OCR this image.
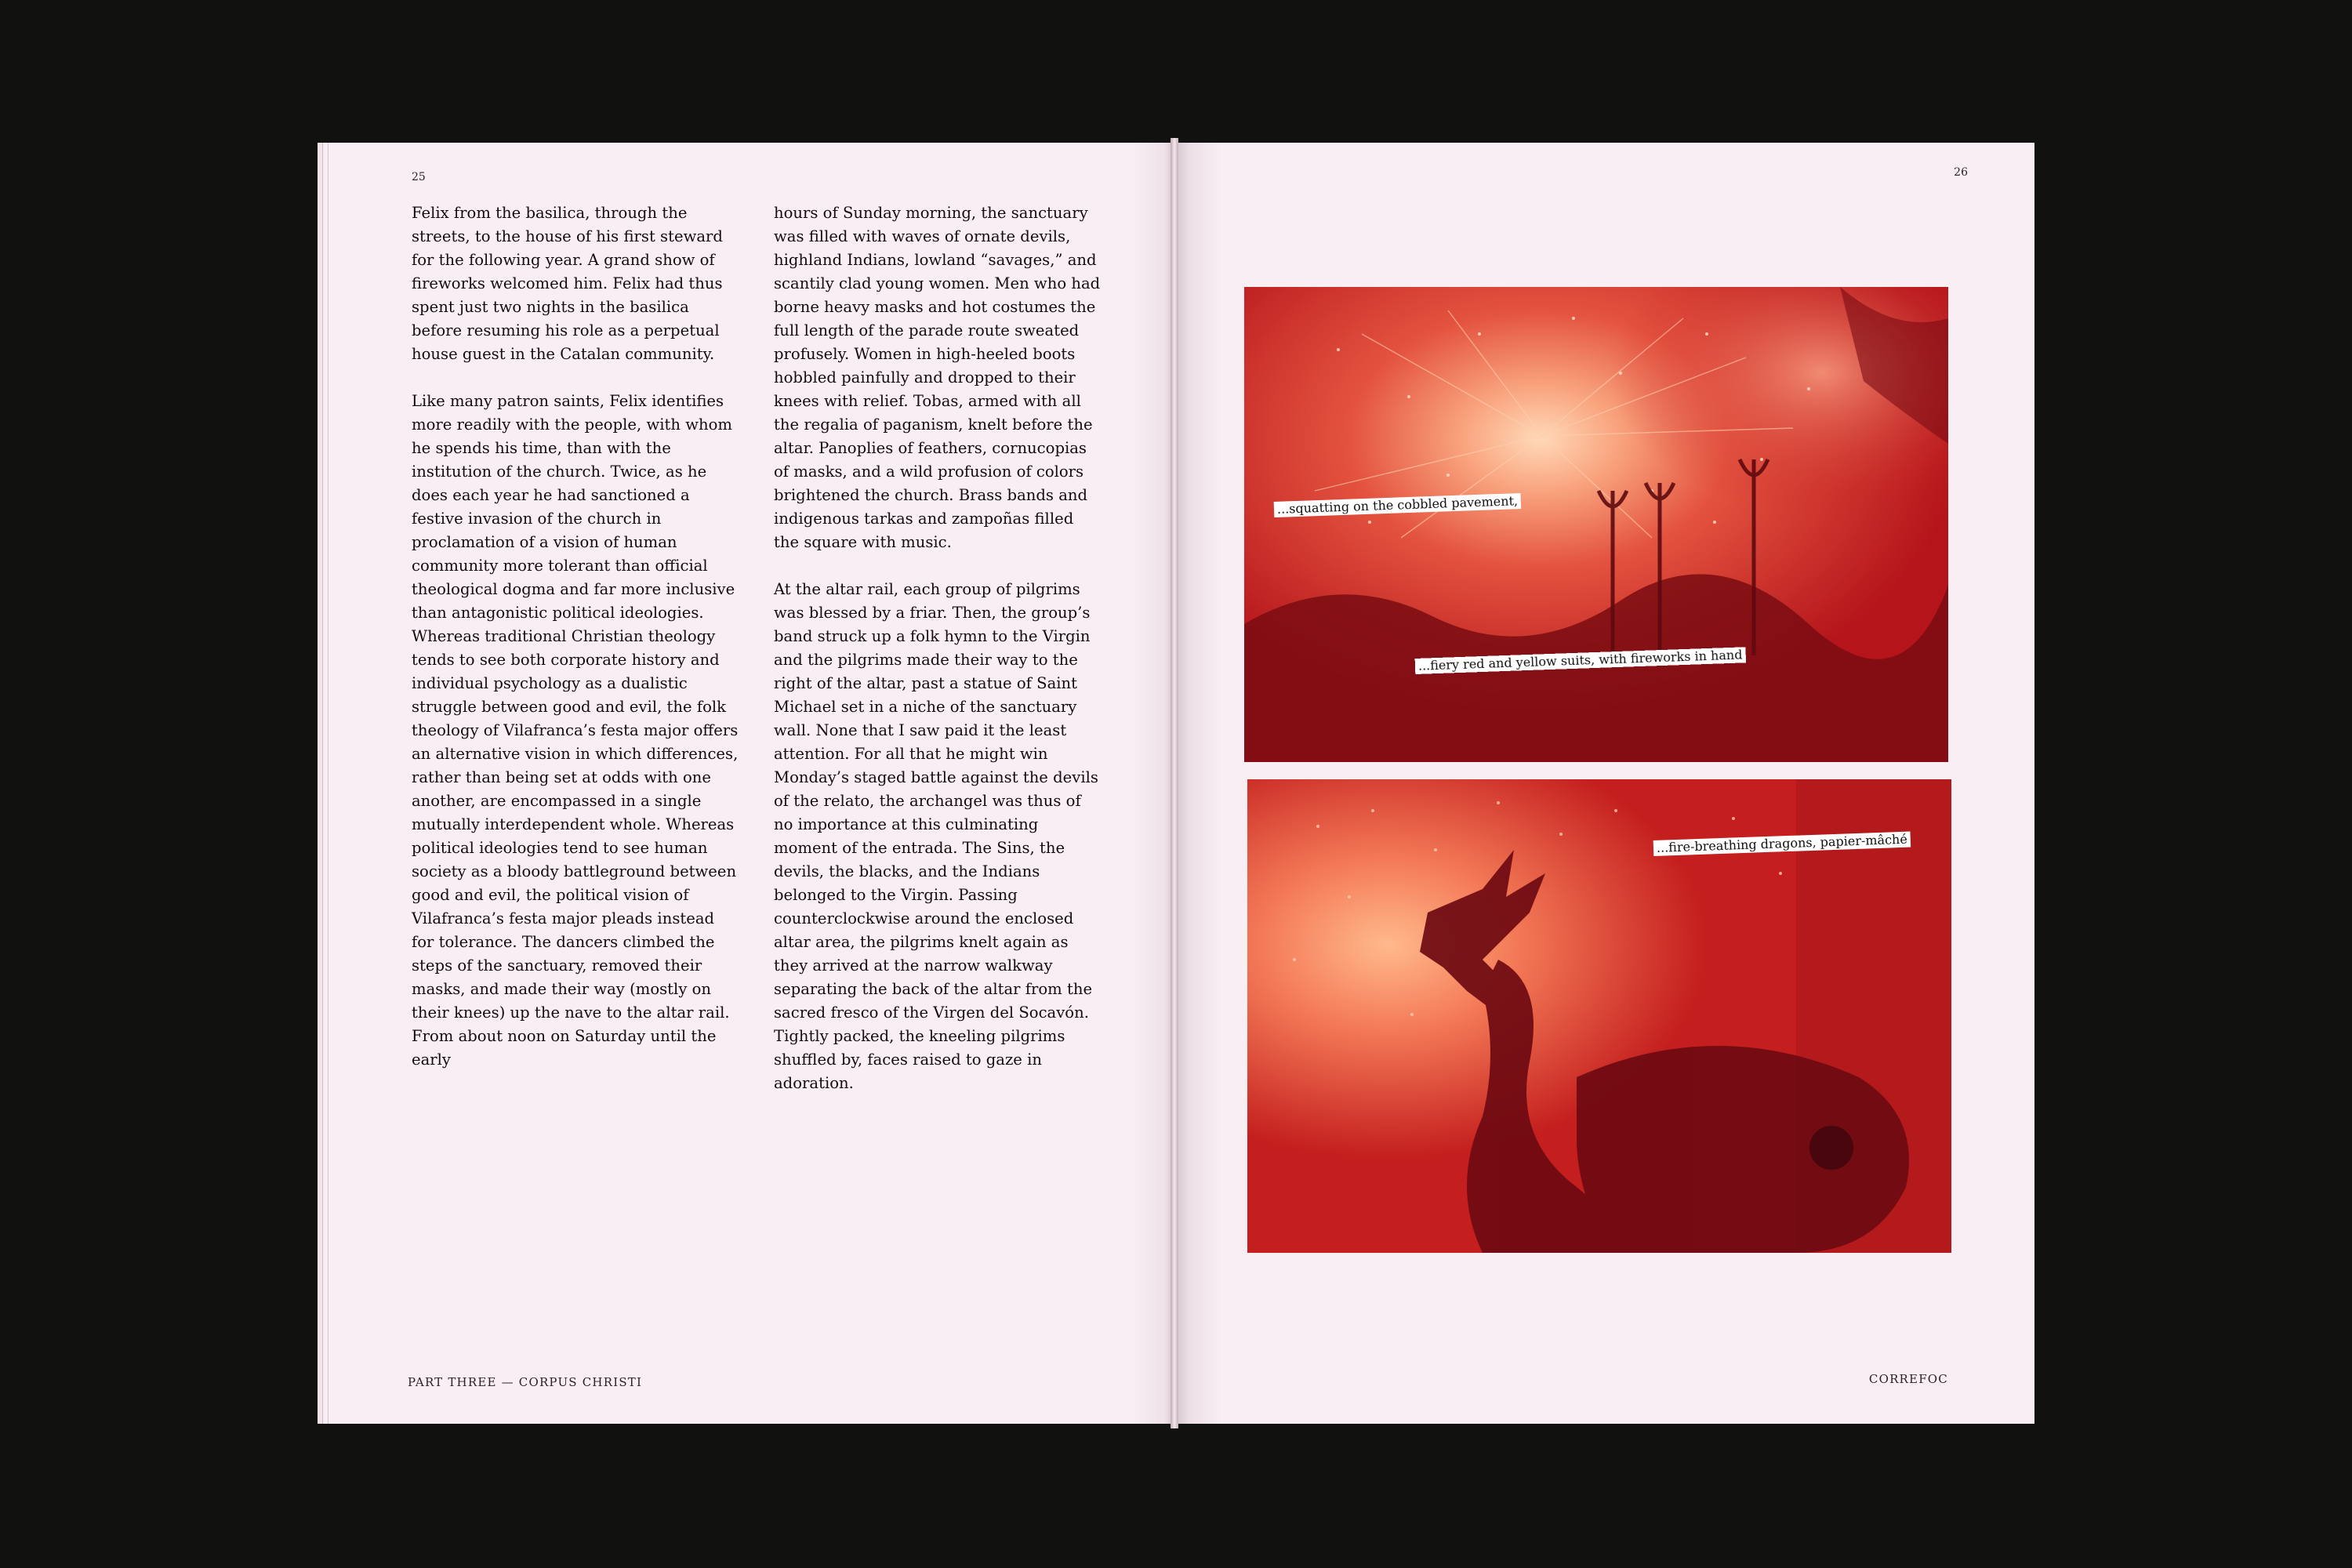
25

Felix from the basilica, through the streets, to the house of his first steward for the following year. A grand show of fireworks welcomed him. Felix had thus spent just two nights in the basilica before resuming his role as a perpetual house guest in the Catalan community.

Like many patron saints, Felix identifies more readily with the people, with whom he spends his time, than with the institution of the church. Twice, as he does each year he had sanctioned a festive invasion of the church in proclamation of a vision of human community more tolerant than official theological dogma and far more inclusive than antagonistic political ideologies. Whereas traditional Christian theology tends to see both corporate history and individual psychology as a dualistic struggle between good and evil, the folk theology of Vilafranca’s festa major offers an alternative vision in which differences, rather than being set at odds with one another, are encompassed in a single mutually interdependent whole. Whereas political ideologies tend to see human society as a bloody battleground between good and evil, the political vision of Vilafranca’s festa major pleads instead for tolerance. The dancers climbed the steps of the sanctuary, removed their masks, and made their way (mostly on their knees) up the nave to the altar rail. From about noon on Saturday until the early

hours of Sunday morning, the sanctuary was filled with waves of ornate devils, highland Indians, lowland “savages,” and scantily clad young women. Men who had borne heavy masks and hot costumes the full length of the parade route sweated profusely. Women in high-heeled boots hobbled painfully and dropped to their knees with relief. Tobas, armed with all the regalia of paganism, knelt before the altar. Panoplies of feathers, cornucopias of masks, and a wild profusion of colors brightened the church. Brass bands and indigenous tarkas and zampoñas filled the square with music.

At the altar rail, each group of pilgrims was blessed by a friar. Then, the group’s band struck up a folk hymn to the Virgin and the pilgrims made their way to the right of the altar, past a statue of Saint Michael set in a niche of the sanctuary wall. None that I saw paid it the least attention. For all that he might win Monday’s staged battle against the devils of the relato, the archangel was thus of no importance at this culminating moment of the entrada. The Sins, the devils, the blacks, and the Indians belonged to the Virgin. Passing counterclockwise around the enclosed altar area, the pilgrims knelt again as they arrived at the narrow walkway separating the back of the altar from the sacred fresco of the Virgen del Socavón. Tightly packed, the kneeling pilgrims shuffled by, faces raised to gaze in adoration.

PART THREE — CORPUS CHRISTI
26
...squatting on the cobbled pavement,
...fiery red and yellow suits, with fireworks in hand
...fire-breathing dragons, papier-mâché
CORREFOC
